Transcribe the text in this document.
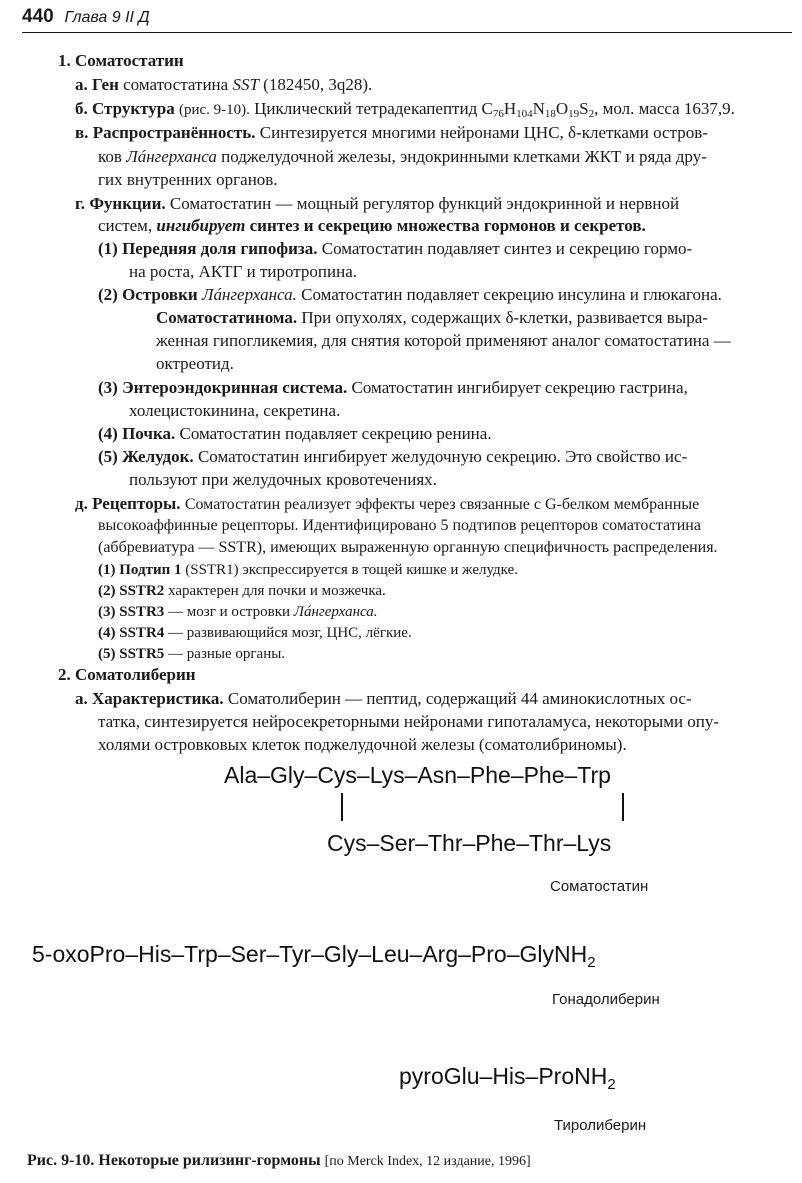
440 Глава 9 II Д
1. Соматостатин
а. Ген соматостатина SST (182450, 3q28).
б. Структура (рис. 9-10). Циклический тетрадекапептид $C_{76}H_{104}N_{18}O_{19}S_2$, мол. масса 1637,9.
в. Распространённость. Синтезируется многими нейронами ЦНС, δ-клетками остров-
ков Лáнгерханса поджелудочной железы, эндокринными клетками ЖКТ и ряда дру-
гих внутренних органов.
г. Функции. Соматостатин — мощный регулятор функций эндокринной и нервной
систем, ингибирует синтез и секрецию множества гормонов и секретов.
(1) Передняя доля гипофиза. Соматостатин подавляет синтез и секрецию гормо-
на роста, АКТГ и тиротропина.
(2) Островки Лáнгерханса. Соматостатин подавляет секрецию инсулина и глюкагона.
Соматостатинома. При опухолях, содержащих δ-клетки, развивается выра-
женная гипогликемия, для снятия которой применяют аналог соматостатина —
октреотид.
(3) Энтероэндокринная система. Соматостатин ингибирует секрецию гастрина,
холецистокинина, секретина.
(4) Почка. Соматостатин подавляет секрецию ренина.
(5) Желудок. Соматостатин ингибирует желудочную секрецию. Это свойство ис-
пользуют при желудочных кровотечениях.
д. Рецепторы. Соматостатин реализует эффекты через связанные с G-белком мембранные
высокоаффинные рецепторы. Идентифицировано 5 подтипов рецепторов соматостатина
(аббревиатура — SSTR), имеющих выраженную органную специфичность распределения.
(1) Подтип 1 (SSTR1) экспрессируется в тощей кишке и желудке.
(2) SSTR2 характерен для почки и мозжечка.
(3) SSTR3 — мозг и островки Лáнгерханса.
(4) SSTR4 — развивающийся мозг, ЦНС, лёгкие.
(5) SSTR5 — разные органы.
2. Соматолиберин
а. Характеристика. Соматолиберин — пептид, содержащий 44 аминокислотных ос-
татка, синтезируется нейросекреторными нейронами гипоталамуса, некоторыми опу-
холями островковых клеток поджелудочной железы (соматолибриномы).
Ala–Gly–Cys–Lys–Asn–Phe–Phe–Trp
Cys–Ser–Thr–Phe–Thr–Lys
Соматостатин
5-oxoPro–His–Trp–Ser–Tyr–Gly–Leu–Arg–Pro–GlyNH$_2$
Гонадолиберин
pyroGlu–His–ProNH$_2$
Тиролиберин
Рис. 9-10. Некоторые рилизинг-гормоны [по Merck Index, 12 издание, 1996]
